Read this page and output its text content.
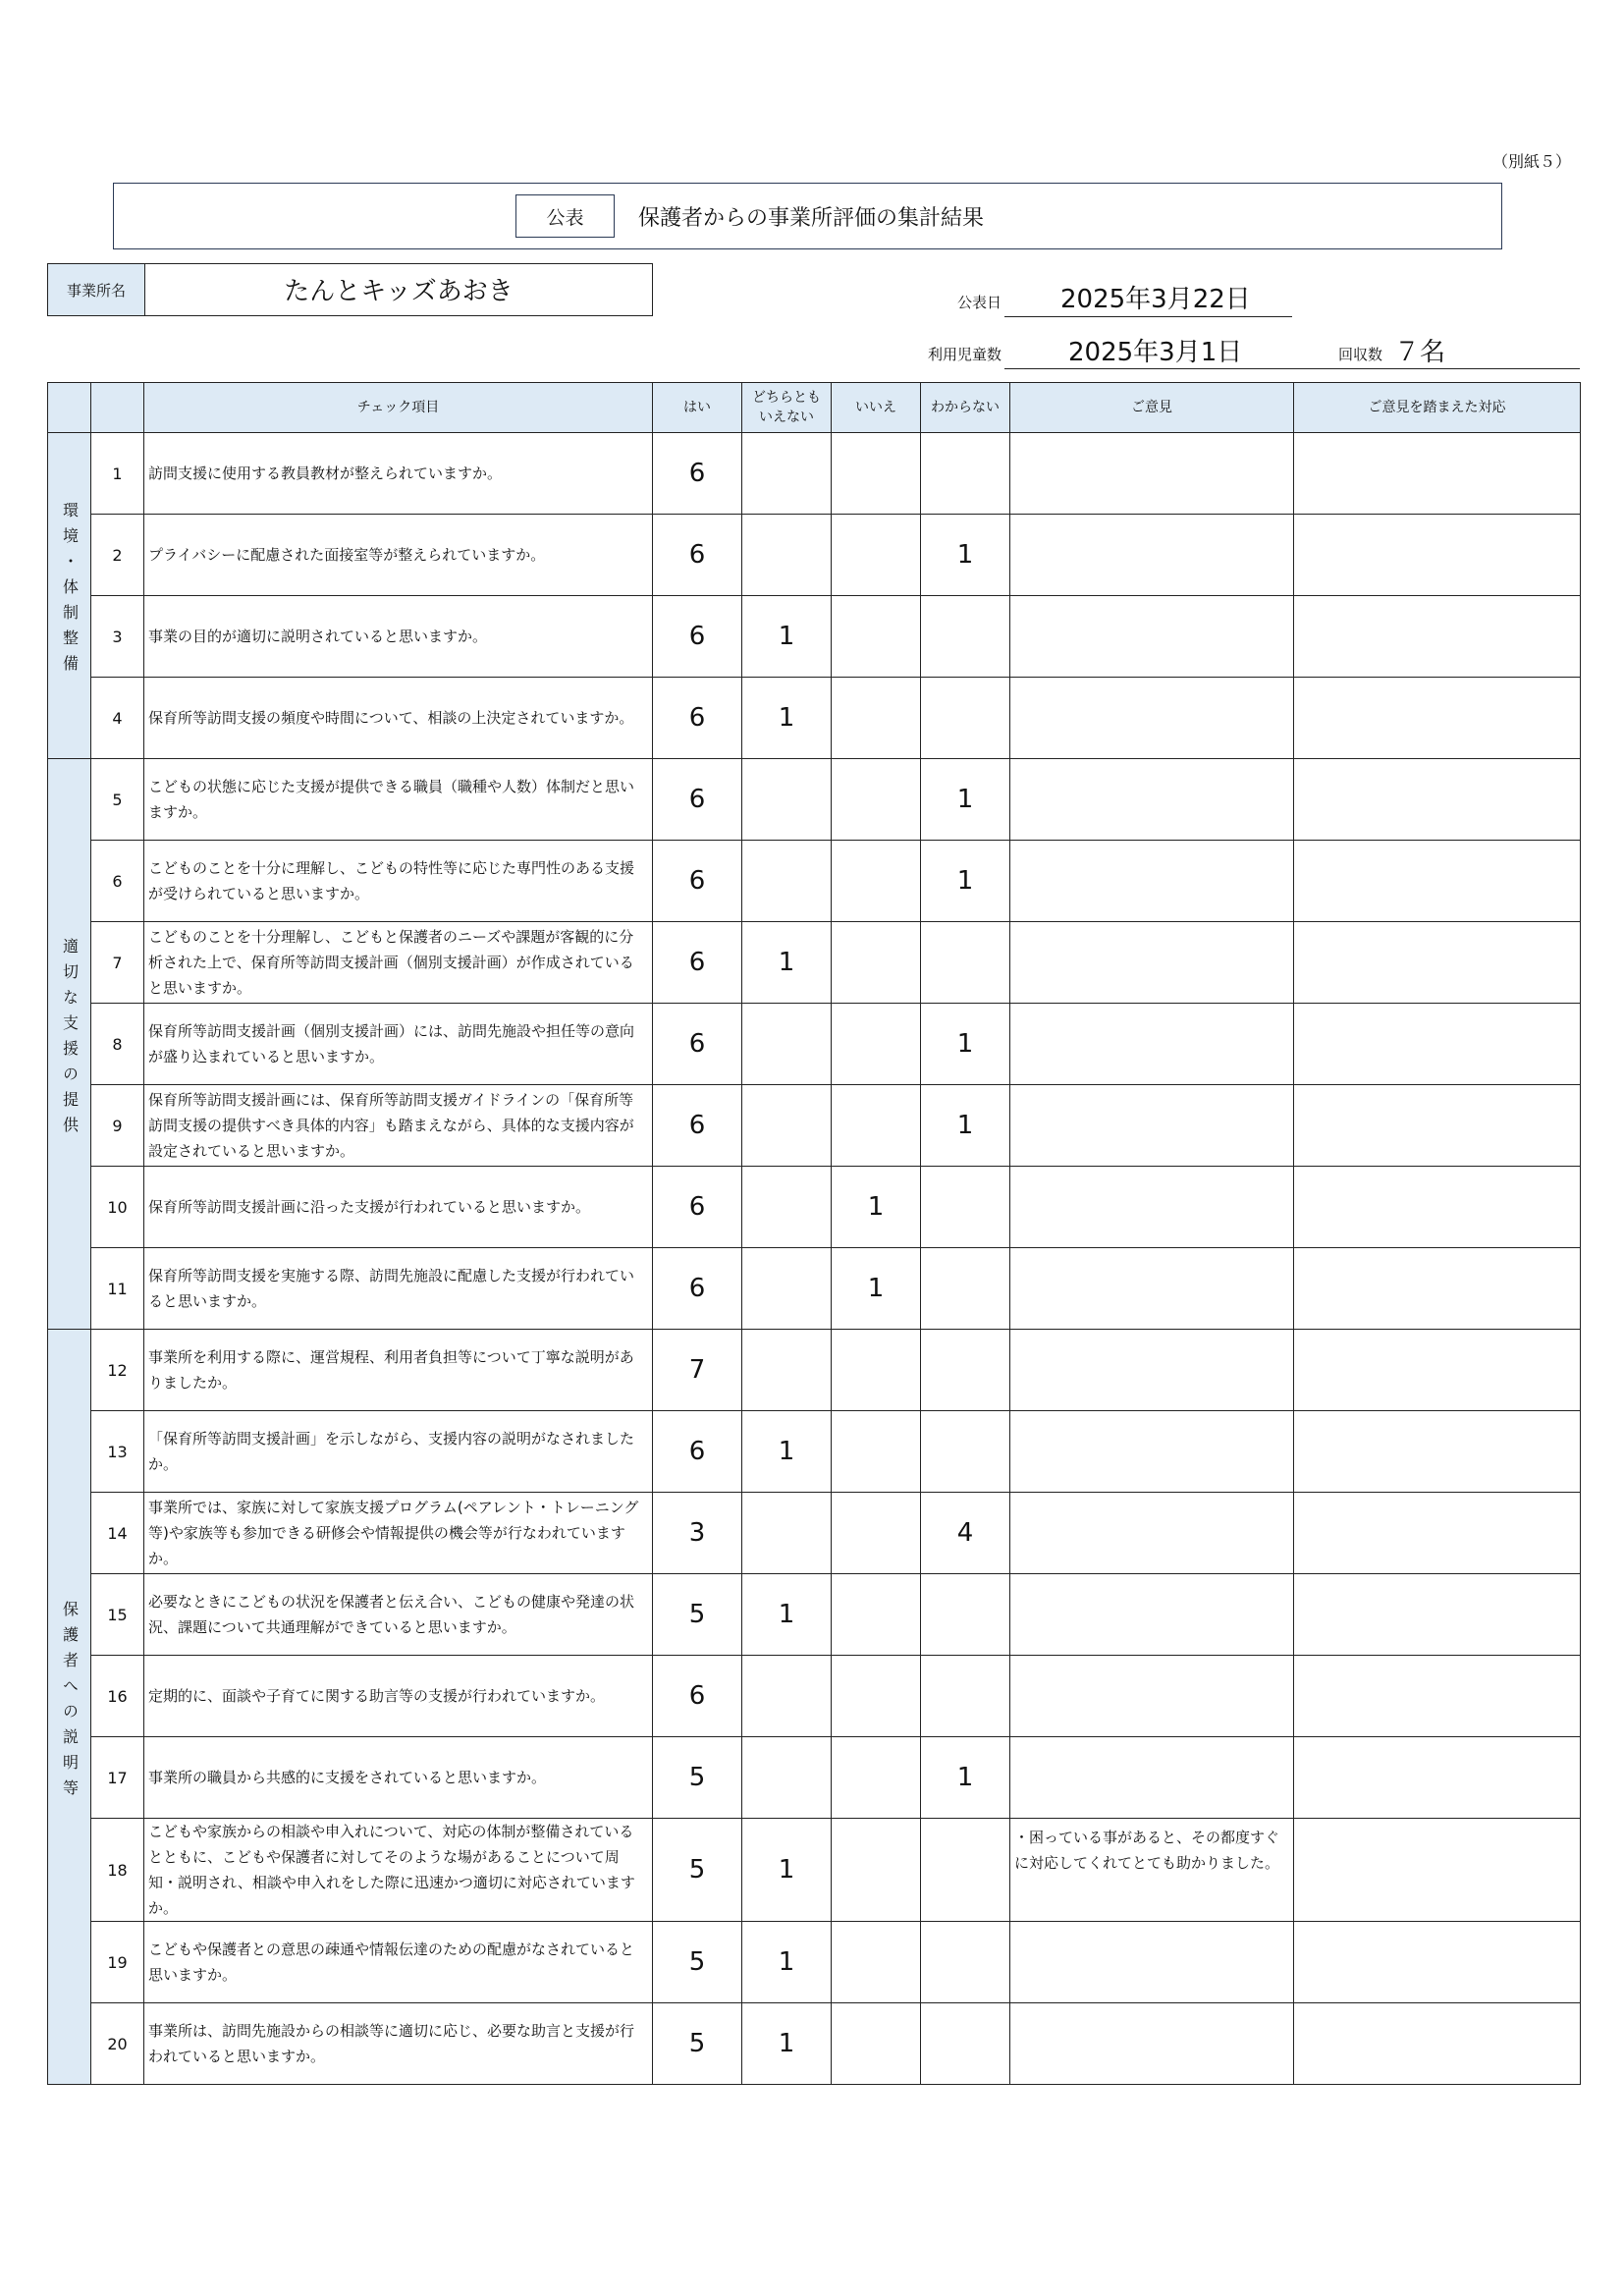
（別紙５）
公表	保護者からの事業所評価の集計結果
事業所名	たんとキッズあおき	公表日 2025年3月22日
利用児童数	2025年3月1日	回収数 ７名
		チェック項目	はい	どちらとも
いえない	いいえ	わからない	ご意見	ご意見を踏まえた対応
環境・体制整備	1	訪問支援に使用する教員教材が整えられていますか。	6				

	2	プライバシーに配慮された面接室等が整えられていますか。	6			1	

	3	事業の目的が適切に説明されていると思いますか。	6	1			

	4	保育所等訪問支援の頻度や時間について、相談の上決定されていますか。	6	1			

適切な支援の提供	5	こどもの状態に応じた支援が提供できる職員（職種や人数）体制だと思いますか。	6			1	

	6	こどものことを十分に理解し、こどもの特性等に応じた専門性のある支援が受けられていると思いますか。	6			1	

	7	こどものことを十分理解し、こどもと保護者のニーズや課題が客観的に分析された上で、保育所等訪問支援計画（個別支援計画）が作成されていると思いますか。	6	1			

	8	保育所等訪問支援計画（個別支援計画）には、訪問先施設や担任等の意向が盛り込まれていると思いますか。	6			1	

	9	保育所等訪問支援計画には、保育所等訪問支援ガイドラインの「保育所等訪問支援の提供すべき具体的内容」も踏まえながら、具体的な支援内容が設定されていると思いますか。	6			1	

	10	保育所等訪問支援計画に沿った支援が行われていると思いますか。	6		1		

	11	保育所等訪問支援を実施する際、訪問先施設に配慮した支援が行われていると思いますか。	6		1		

保護者への説明等	12	事業所を利用する際に、運営規程、利用者負担等について丁寧な説明がありましたか。	7				

	13	「保育所等訪問支援計画」を示しながら、支援内容の説明がなされましたか。	6	1			

	14	事業所では、家族に対して家族支援プログラム(ペアレント・トレーニング等)や家族等も参加できる研修会や情報提供の機会等が行なわれていますか。	3			4	

	15	必要なときにこどもの状況を保護者と伝え合い、こどもの健康や発達の状況、課題について共通理解ができていると思いますか。	5	1			

	16	定期的に、面談や子育てに関する助言等の支援が行われていますか。	6				

	17	事業所の職員から共感的に支援をされていると思いますか。	5			1	

	18	こどもや家族からの相談や申入れについて、対応の体制が整備されているとともに、こどもや保護者に対してそのような場があることについて周知・説明され、相談や申入れをした際に迅速かつ適切に対応されていますか。	5	1			・困っている事があると、その都度すぐに対応してくれてとても助かりました。	

	19	こどもや保護者との意思の疎通や情報伝達のための配慮がなされていると思いますか。	5	1			

	20	事業所は、訪問先施設からの相談等に適切に応じ、必要な助言と支援が行われていると思いますか。	5	1			
